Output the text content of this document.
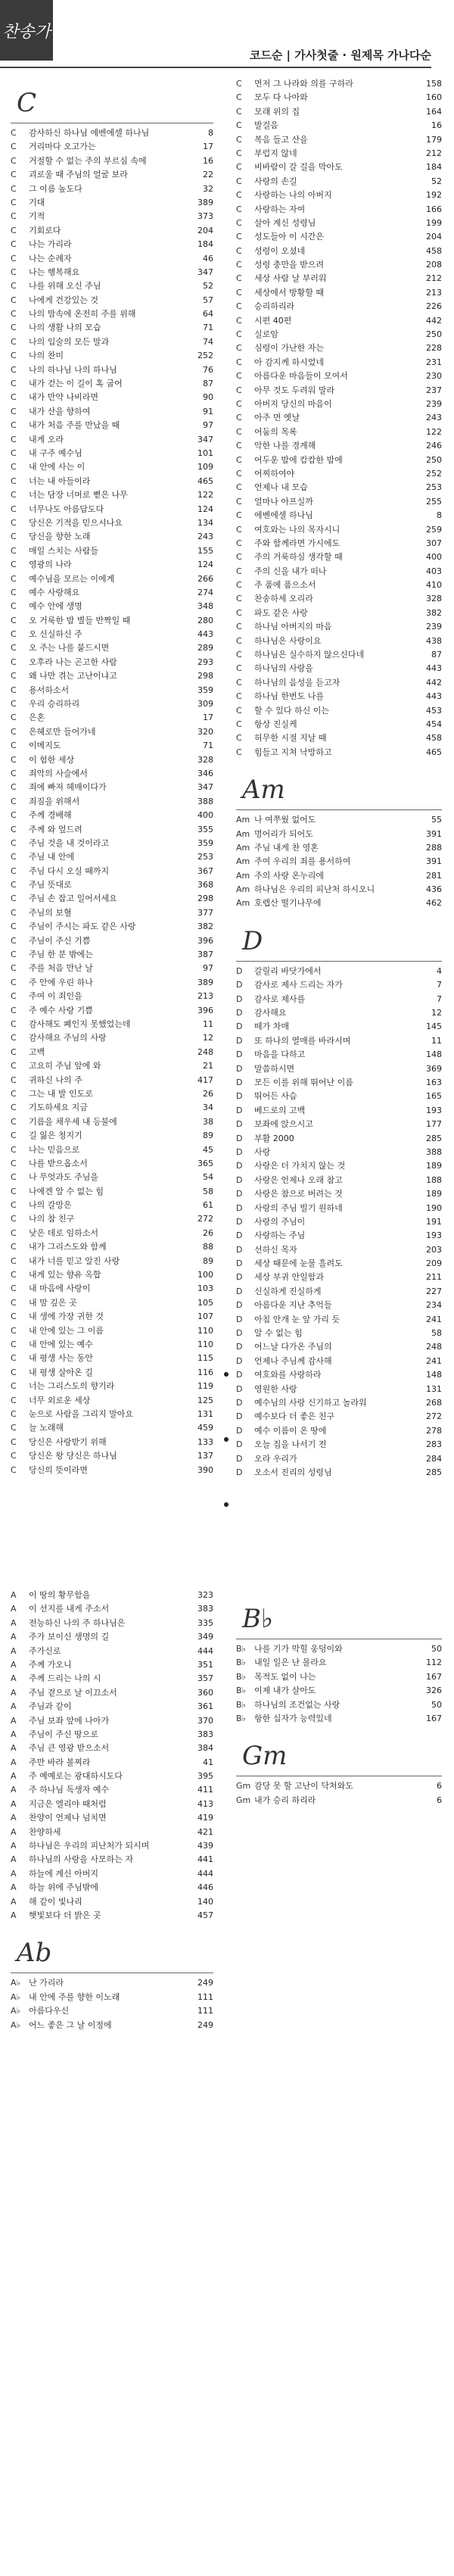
찬송가
코드순 | 가사첫줄 · 원제목 가나다순
C
C	감사하신 하나님 에벤에셀 하나님	8
C	거리마다 오고가는	17
C	거절할 수 없는 주의 부르심 속에	16
C	괴로울 때 주님의 얼굴 보라	22
C	그 이름 높도다	32
C	기대	389
C	기적	373
C	기회로다	204
C	나는 가리라	184
C	나는 순례자	46
C	나는 행복해요	347
C	나를 위해 오신 주님	52
C	나에게 건강있는 것	57
C	나의 맘속에 온전히 주를 위해	64
C	나의 생활 나의 모습	71
C	나의 입술의 모든 말과	74
C	나의 찬미	252
C	나의 하나님 나의 하나님	76
C	내가 걷는 이 길이 혹 굽어	87
C	내가 만약 나비라면	90
C	내가 산을 향하여	91
C	내가 처음 주를 만났을 때	97
C	내게 오라	347
C	내 구주 예수님	101
C	내 안에 사는 이	109
C	너는 내 아들이라	465
C	너는 담장 너머로 뻗은 나무	122
C	너무나도 아름답도다	124
C	당신은 기적을 믿으시나요	134
C	당신을 향한 노래	243
C	매일 스치는 사람들	155
C	영광의 나라	124
C	예수님을 모르는 이에게	266
C	예수 사랑해요	274
C	예수 안에 생명	348
C	오 거룩한 밤 별들 반짝일 때	280
C	오 신실하신 주	443
C	오 주는 나를 붙드시면	289
C	오후라 나는 곤고한 사람	293
C	왜 나만 겪는 고난이냐고	298
C	용서하소서	359
C	우리 승리하리	309
C	은혼	17
C	은혜로만 들어가네	320
C	이메지도	71
C	이 험한 세상	328
C	죄악의 사슬에서	346
C	죄에 빠져 헤매이다가	347
C	죄짐을 위해서	388
C	주께 경배해	400
C	주께 와 엎드려	355
C	주님 것을 내 것이라고	359
C	주님 내 안에	253
C	주님 다시 오실 때까지	367
C	주님 뜻대로	368
C	주님 손 잡고 일어서세요	298
C	주님의 보혈	377
C	주님이 주시는 파도 같은 사랑	382
C	주님이 주신 기쁨	396
C	주님 한 분 밖에는	387
C	주를 처음 만난 날	97
C	주 안에 우린 하나	389
C	주여 이 죄인을	213
C	주 예수 사랑 기쁨	396
C	감사해도 폐인지 못했었는데	11
C	감사해요 주님의 사랑	12
C	고백	248
C	고요히 주님 앞에 와	21
C	귀하신 나의 주	417
C	그는 내 발 인도로	26
C	기도하세요 지금	34
C	기름을 채우세 내 등불에	38
C	길 잃은 청지기	89
C	나는 믿음으로	45
C	나를 받으옵소서	365
C	나 무엇과도 주님을	54
C	나에겐 알 수 없는 힘	58
C	나의 갈망은	61
C	나의 참 친구	272
C	낮은 데로 임하소서	26
C	내가 그리스도와 함께	88
C	내가 너를 믿고 알진 사랑	89
C	내게 있는 향유 옥합	100
C	내 마음에 사랑이	103
C	내 맘 깊은 곳	105
C	내 생에 가장 귀한 것	107
C	내 안에 있는 그 이름	110
C	내 안에 있는 예수	110
C	내 평생 사는 동안	115
C	내 평생 살아온 길	116
C	너는 그리스도의 향기라	119
C	너무 외로운 세상	125
C	눈으로 사람을 그리지 말아요	131
C	늘 노래해	459
C	당신은 사랑받기 위해	133
C	당신은 왕 당신은 하나님	137
C	당신의 뜻이라면	390
C	먼저 그 나라와 의를 구하라	158
C	모두 다 나아와	160
C	모래 위의 집	164
C	발걸음	16
C	복음 들고 산을	179
C	부럽지 않네	212
C	비바람이 갈 길을 막아도	184
C	사랑의 손길	52
C	사랑하는 나의 아버지	192
C	사랑하는 자여	166
C	살아 계신 성령님	199
C	성도들아 이 시간은	204
C	성령이 오셨네	458
C	성령 충만을 받으려	208
C	세상 사람 날 부러워	212
C	세상에서 방황할 때	213
C	승리하리라	226
C	시편 40편	442
C	실로암	250
C	심령이 가난한 자는	228
C	아 감지께 하시었네	231
C	아름다운 마음들이 모여서	230
C	아무 것도 두려워 말라	237
C	아버지 당신의 마음이	239
C	아주 먼 옛날	243
C	어둠의 목록	122
C	악한 나를 경계해	246
C	어두운 밤에 캄캄한 밤에	250
C	어찌하여야	252
C	언제나 내 모습	253
C	얼마나 아프실까	255
C	에벤에셀 하나님	8
C	여호와는 나의 목자시니	259
C	주와 함께라면 가시에도	307
C	주의 거룩하심 생각할 때	400
C	주의 신을 내가 떠나	403
C	주 품에 품으소서	410
C	찬송하세 오리라	328
C	파도 같은 사랑	382
C	하나님 아버지의 마음	239
C	하나님은 사랑이요	438
C	하나님은 실수하지 않으신다네	87
C	하나님의 사랑을	443
C	하나님의 음성을 듣고자	442
C	하나님 한번도 나를	443
C	할 수 있다 하신 이는	453
C	항상 진실케	454
C	허무한 시절 지날 때	458
C	힘들고 지쳐 낙망하고	465
Am
Am 나 여쭈웠 없어도	55
Am 멍어리가 되어도	391
Am 주님 내게 찬 영혼	288
Am 주여 우리의 죄를 용서하여	391
Am 주의 사랑 온누리에	281
Am 하나님은 우리의 피난처 하시오니	436
Am 호렙산 떨기나무에	462
D
D	갈릴리 바닷가에서	4
D	감사로 제사 드리는 자가	7
D	감사로 제사를	7
D	감사해요	12
D	떼가 차매	145
D	또 하나의 열매를 바라시며	11
D	마음을 다하고	148
D	말씀하시면	369
D	모든 이를 위해 뛰어난 이름	163
D	뛰어든 사슴	165
D	베드로의 고백	193
D	보좌에 앉으시고	177
D	부활 2000	285
D	사랑	388
D	사랑은 더 가치지 않는 것	189
D	사랑은 언제나 오래 참고	188
D	사랑은 참으로 버려는 것	189
D	사랑의 주님 빌기 원하네	190
D	사랑의 주님이	191
D	사랑하는 주님	193
D	선하신 목자	203
D	세상 때문에 눈물 흘려도	209
D	세상 부귀 안일함과	211
D	신실하게 진실하게	227
D	아름다운 지난 추억들	234
D	아침 안개 눈 앞 가리 듯	241
D	알 수 없는 힘	58
D	어느날 다가온 주님의	248
D	언제나 주님께 감사해	241
D	여호와를 사랑하라	148
D	영원한 사랑	131
D	예수님의 사랑 신기하고 놀라워	268
D	예수보다 더 좋은 친구	272
D	예수 이름이 온 땅에	278
D	오늘 집을 나서기 전	283
D	오라 우리가	284
D	오소서 진리의 성령님	285
A	이 땅의 황무함을	323
A	이 선지를 내게 주소서	383
A	전능하신 나의 주 하나님은	335
A	주가 보이신 생명의 길	349
A	주가신로	444
A	주께 가오니	351
A	주께 드리는 나의 시	357
A	주님 곁으로 날 이끄소서	360
A	주님과 같이	361
A	주님 보좌 앞에 나아가	370
A	주님이 주신 땅으로	383
A	주님 큰 영광 받으소서	384
A	주만 바라 볼찌라	41
A	주 예예로는 광대하시도다	395
A	주 하나님 독생자 예수	411
A	지금은 엘리야 때처럼	413
A	찬양이 언제나 넘치면	419
A	찬양하세	421
A	하나님은 우리의 피난처가 되시며	439
A	하나님의 사랑을 사모하는 자	441
A	하늘에 계신 아버지	444
A	하늘 위에 주님밖에	446
A	해 같이 빛나리	140
A	햇빛보다 더 밝은 곳	457
Ab
A♭	난 가리라	249
A♭	내 안에 주를 향한 이노래	111
A♭	아름다우신	111
A♭	어느 좋은 그 날 이정에	249
B♭
B♭	나를 기가 막힐 웅덩이와	50
B♭	내일 일은 난 몰라요	112
B♭	목적도 없이 나는	167
B♭	이제 내가 살아도	326
B♭	하나님의 조건없는 사랑	50
B♭	항한 십자가 능력있네	167
Gm
Gm 감당 못 할 고난이 닥쳐와도	6
Gm 내가 승리 하리라	6
